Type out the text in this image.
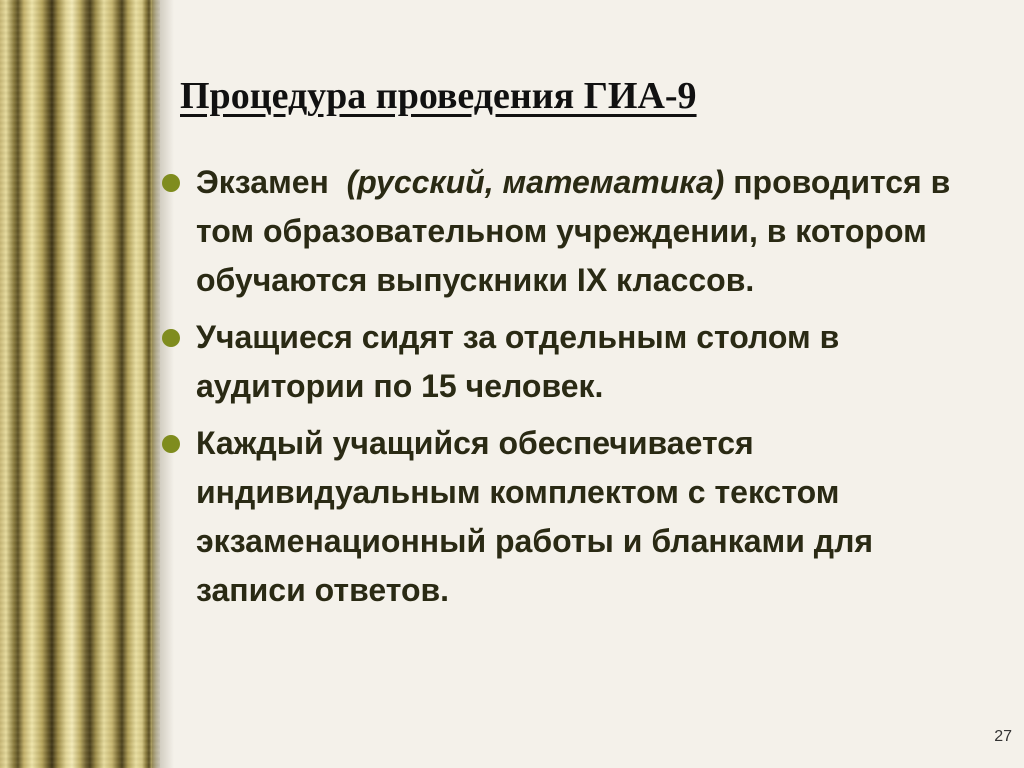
Процедура проведения ГИА-9
Экзамен (русский, математика) проводится в том образовательном учреждении, в котором обучаются выпускники IX классов.
Учащиеся сидят за отдельным столом в аудитории по 15 человек.
Каждый учащийся обеспечивается индивидуальным комплектом с текстом экзаменационный работы и бланками для записи ответов.
27
